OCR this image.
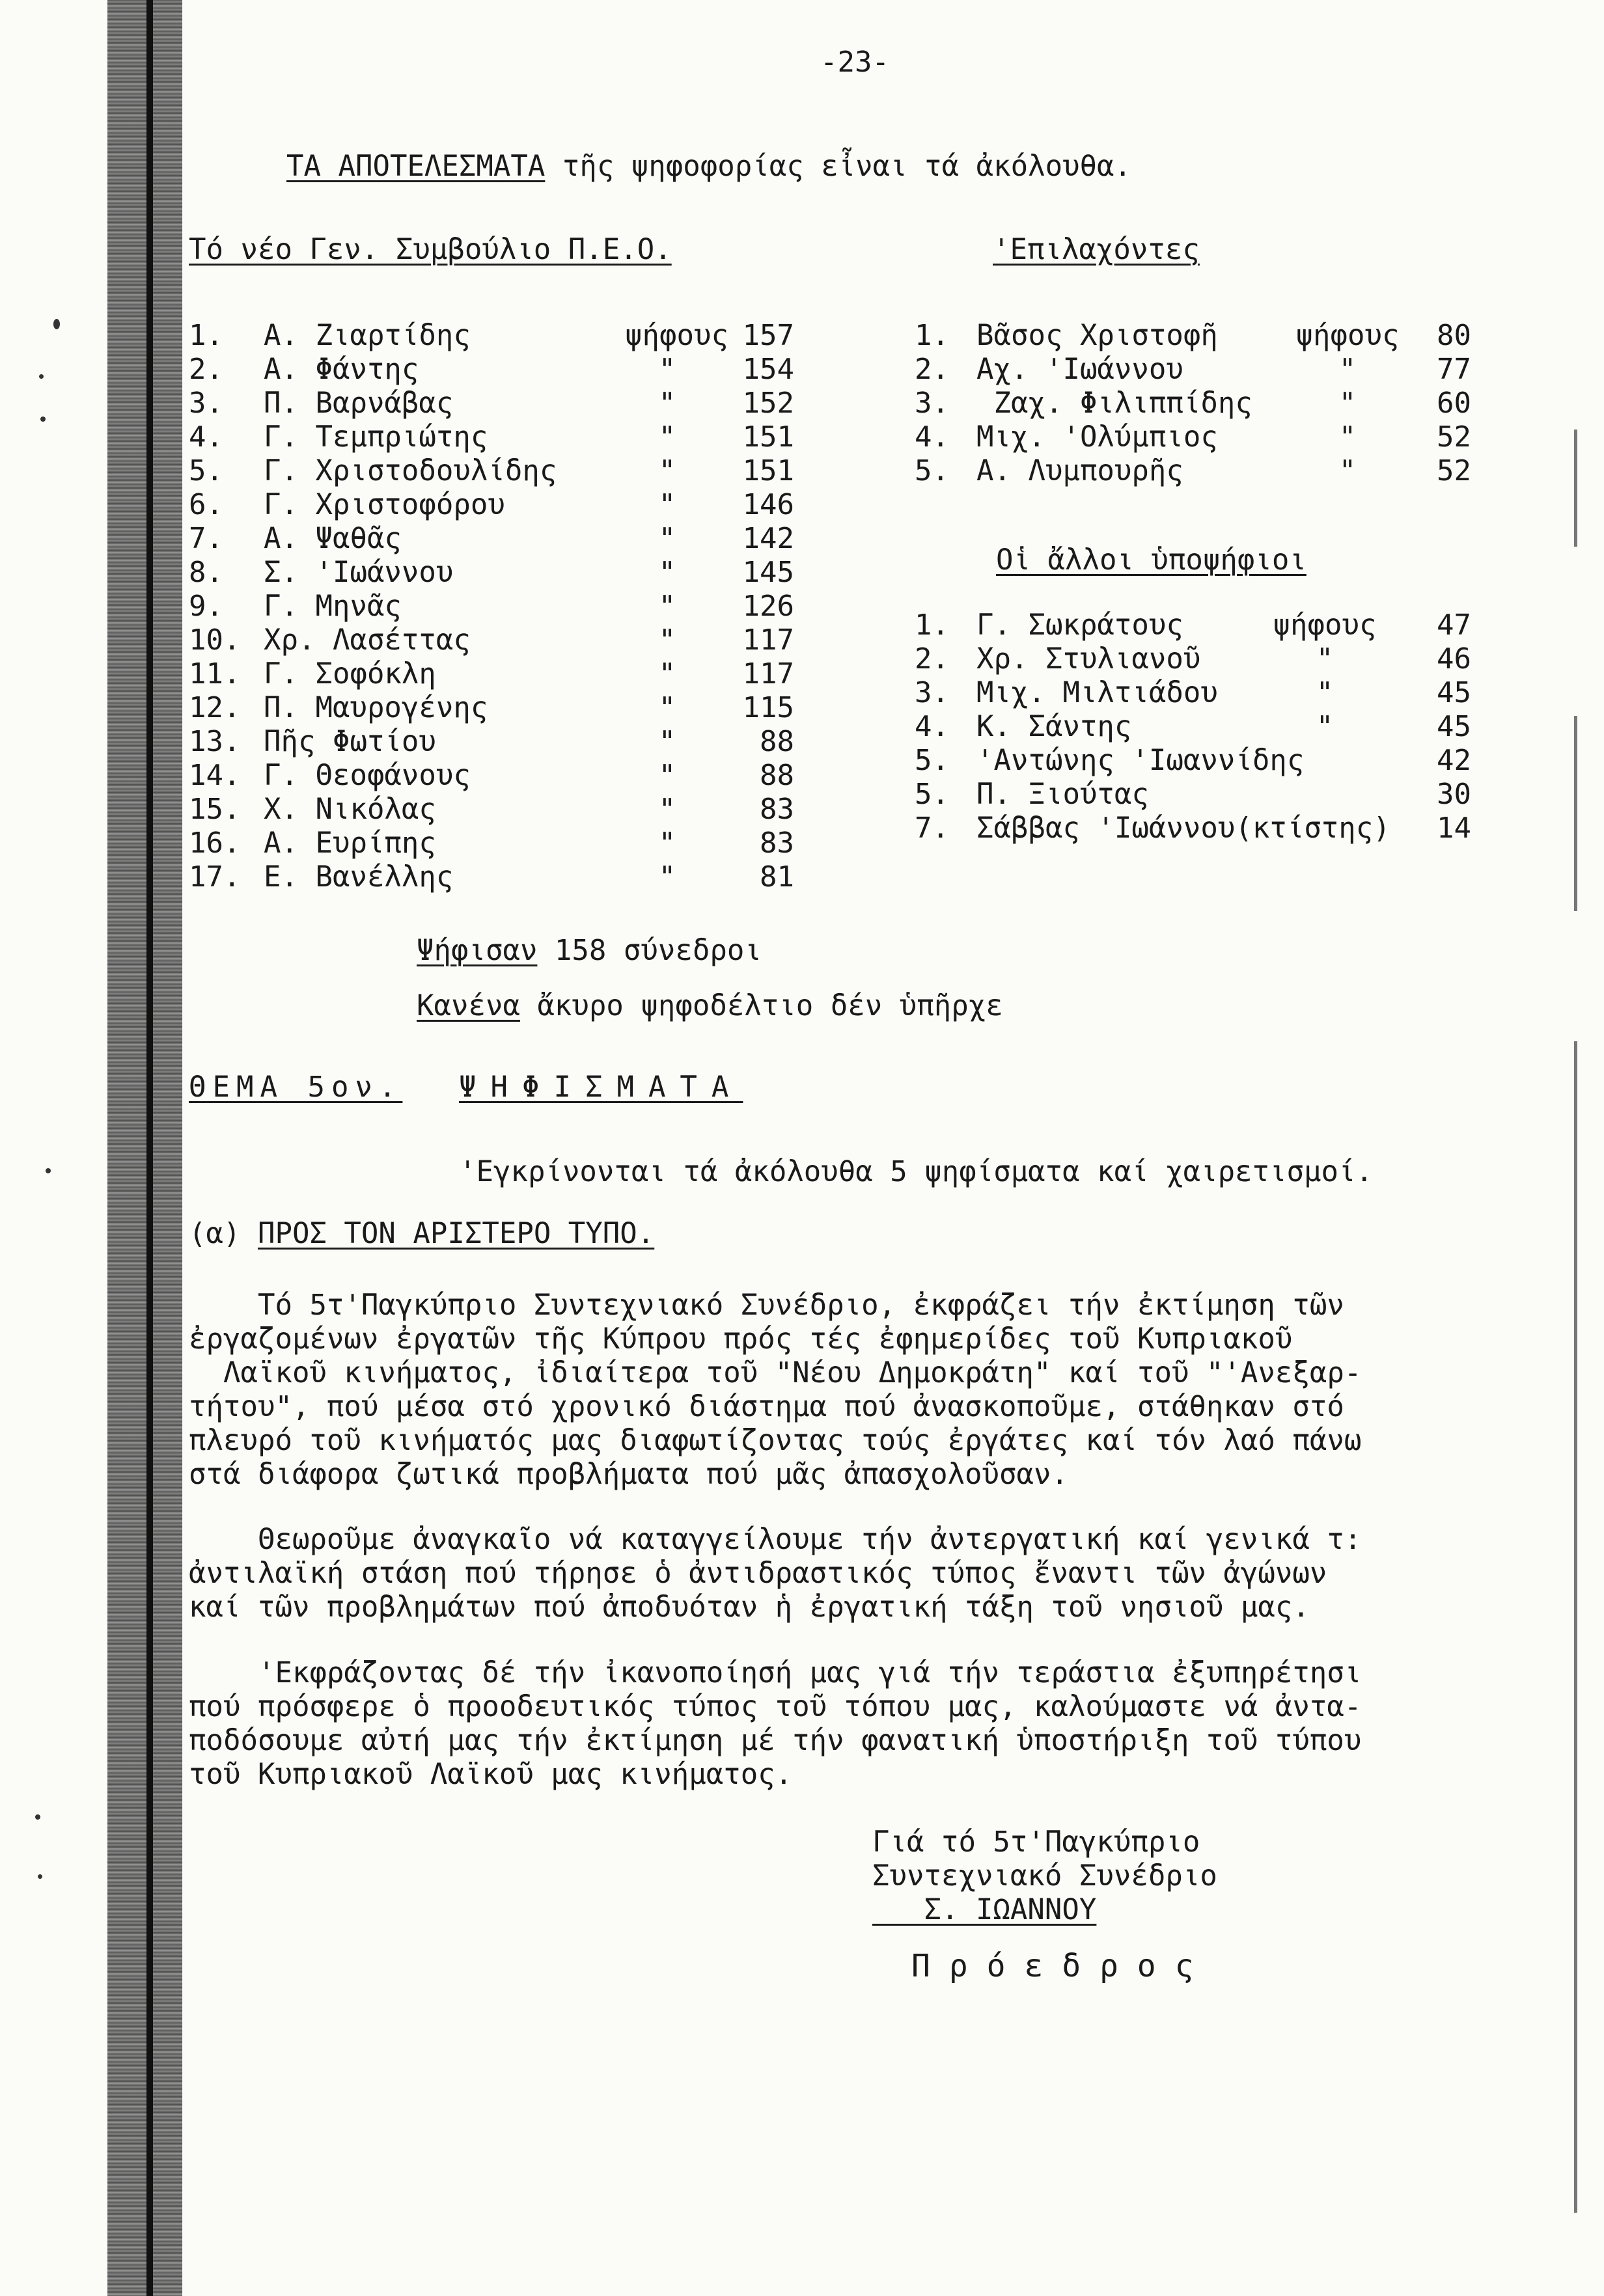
-23-
ΤΑ ΑΠΟΤΕΛΕΣΜΑΤΑ τῆς ψηφοφορίας εἶναι τά ἀκόλουθα.
Τό νέο Γεν. Συμβούλιο Π.Ε.Ο.	'Επιλαχόντες
1. Α. Ζιαρτίδης	ψήφους 157
2. Α. Φάντης	"	154
3. Π. Βαρνάβας	"	152
4. Γ. Τεμπριώτης	"	151
5. Γ. Χριστοδουλίδης	"	151
6. Γ. Χριστοφόρου	"	146
7. Α. Ψαθᾶς	"	142
8. Σ. 'Ιωάννου	"	145
9. Γ. Μηνᾶς	"	126
10. Χρ. Λασέττας	"	117
11. Γ. Σοφόκλη	"	117
12. Π. Μαυρογένης	"	115
13. Πῆς Φωτίου	"	88
14. Γ. Θεοφάνους	"	88
15. Χ. Νικόλας	"	83
16. Α. Ευρίπης	"	83
17. Ε. Βανέλλης	"	81
1. Βᾶσος Χριστοφῆ	ψήφους	80
2. Αχ. 'Ιωάννου	"	77
3. Ζαχ. Φιλιππίδης	"	60
4. Μιχ. 'Ολύμπιος	"	52
5. Α. Λυμπουρῆς	"	52
Οἱ ἄλλοι ὑποψήφιοι
1. Γ. Σωκράτους	ψήφους	47
2. Χρ. Στυλιανοῦ	"	46
3. Μιχ. Μιλτιάδου	"	45
4. Κ. Σάντης	"	45
5. 'Αντώνης 'Ιωαννίδης	42
5. Π. Ξιούτας	30
7. Σάββας 'Ιωάννου(κτίστης)	14
Ψήφισαν 158 σύνεδροι
Κανένα ἄκυρο ψηφοδέλτιο δέν ὑπῆρχε
ΘΕΜΑ 5ον. ΨΗΦΙΣΜΑΤΑ
'Εγκρίνονται τά ἀκόλουθα 5 ψηφίσματα καί χαιρετισμοί.
(α) ΠΡΟΣ ΤΟΝ ΑΡΙΣΤΕΡΟ ΤΥΠΟ.
Τό 5τ'Παγκύπριο Συντεχνιακό Συνέδριο, ἐκφράζει τήν ἐκτίμηση τῶν
ἐργαζομένων ἐργατῶν τῆς Κύπρου πρός τές ἐφημερίδες τοῦ Κυπριακοῦ
Λαϊκοῦ κινήματος, ἰδιαίτερα τοῦ "Νέου Δημοκράτη" καί τοῦ "'Ανεξαρ-
τήτου", πού μέσα στό χρονικό διάστημα πού ἀνασκοποῦμε, στάθηκαν στό
πλευρό τοῦ κινήματός μας διαφωτίζοντας τούς ἐργάτες καί τόν λαό πάνω
στά διάφορα ζωτικά προβλήματα πού μᾶς ἀπασχολοῦσαν.
Θεωροῦμε ἀναγκαῖο νά καταγγείλουμε τήν ἀντεργατική καί γενικά τ:
ἀντιλαϊκή στάση πού τήρησε ὁ ἀντιδραστικός τύπος ἔναντι τῶν ἀγώνων
καί τῶν προβλημάτων πού ἀποδυόταν ἡ ἐργατική τάξη τοῦ νησιοῦ μας.
'Εκφράζοντας δέ τήν ἰκανοποίησή μας γιά τήν τεράστια ἐξυπηρέτησι
πού πρόσφερε ὁ προοδευτικός τύπος τοῦ τόπου μας, καλούμαστε νά ἀντα-
ποδόσουμε αὐτή μας τήν ἐκτίμηση μέ τήν φανατική ὑποστήριξη τοῦ τύπου
τοῦ Κυπριακοῦ Λαϊκοῦ μας κινήματος.
Γιά τό 5τ'Παγκύπριο
Συντεχνιακό Συνέδριο
Σ. ΙΩΑΝΝΟΥ
Π ρ ό ε δ ρ ο ς
